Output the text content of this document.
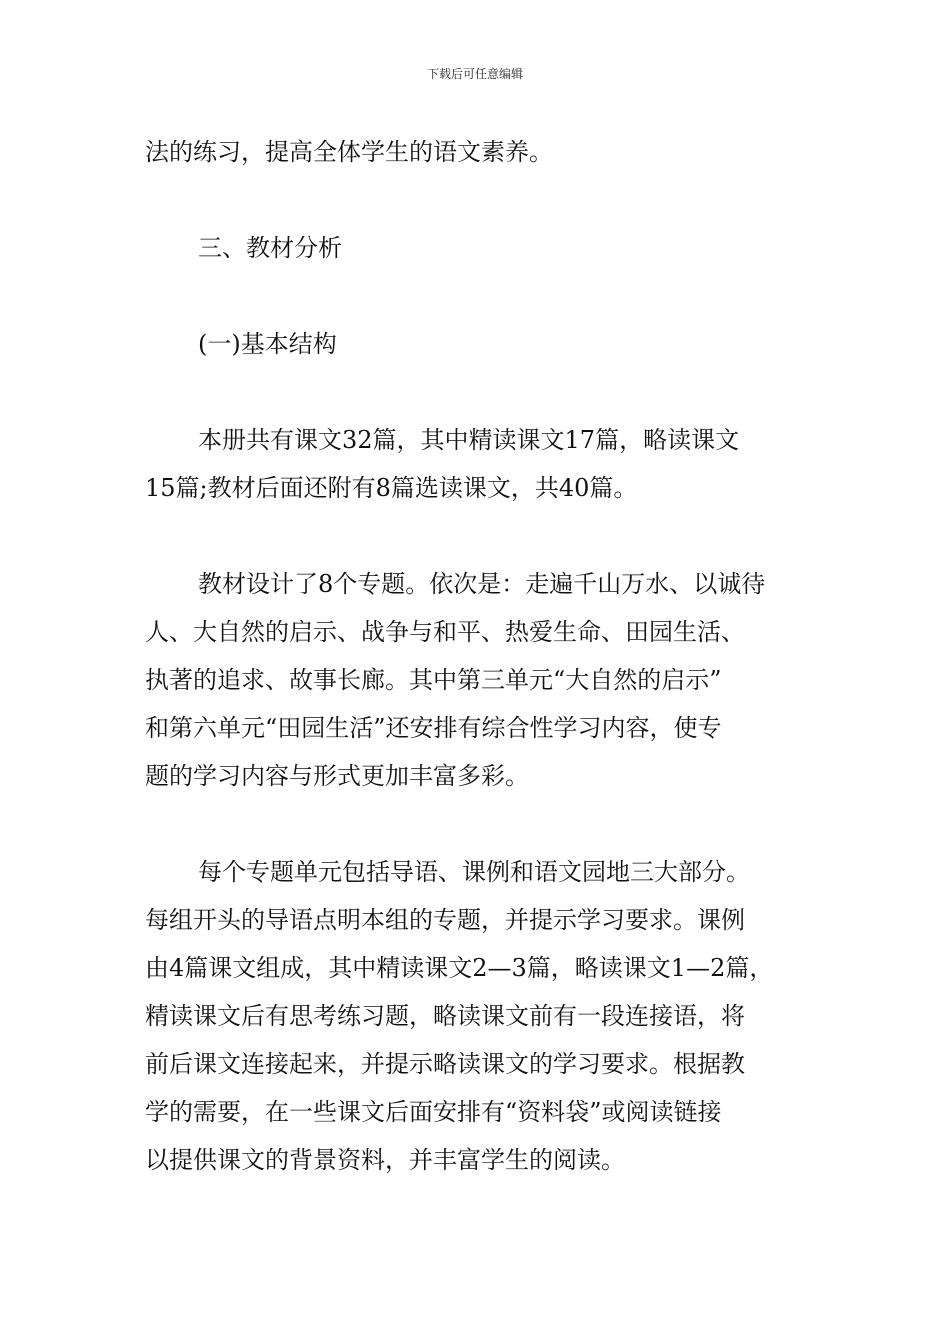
下载后可任意编辑

法的练习，提高全体学生的语文素养。

三、教材分析

(一)基本结构

本册共有课文32篇，其中精读课文17篇，略读课文
15篇;教材后面还附有8篇选读课文，共40篇。

教材设计了8个专题。依次是：走遍千山万水、以诚待
人、大自然的启示、战争与和平、热爱生命、田园生活、
执著的追求、故事长廊。其中第三单元“大自然的启示”
和第六单元“田园生活”还安排有综合性学习内容，使专
题的学习内容与形式更加丰富多彩。

每个专题单元包括导语、课例和语文园地三大部分。
每组开头的导语点明本组的专题，并提示学习要求。课例
由4篇课文组成，其中精读课文2—3篇，略读课文1—2篇，
精读课文后有思考练习题，略读课文前有一段连接语，将
前后课文连接起来，并提示略读课文的学习要求。根据教
学的需要，在一些课文后面安排有“资料袋”或阅读链接
以提供课文的背景资料，并丰富学生的阅读。
